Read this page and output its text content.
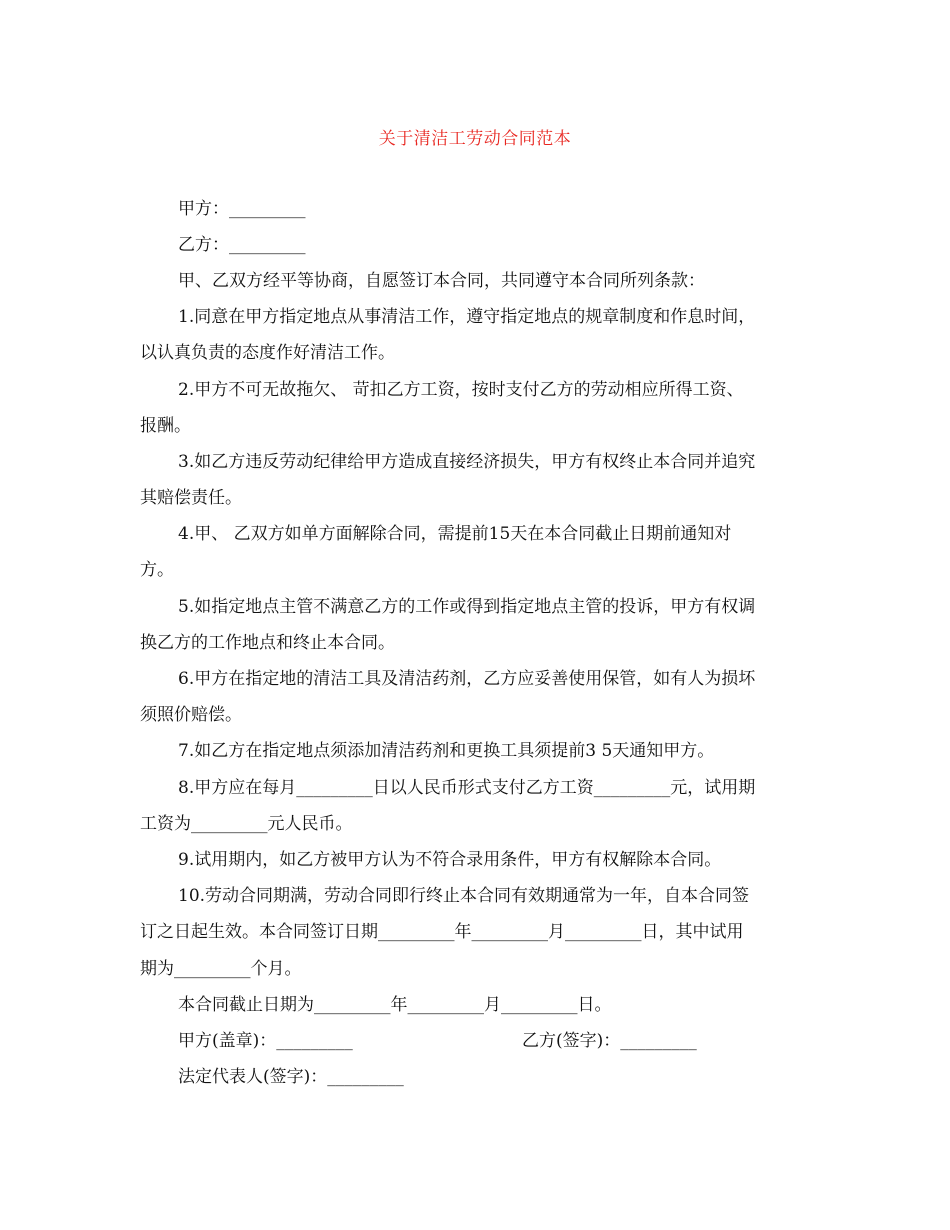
关于清洁工劳动合同范本
甲方：_________
乙方：_________
甲、乙双方经平等协商，自愿签订本合同，共同遵守本合同所列条款：
1.同意在甲方指定地点从事清洁工作，遵守指定地点的规章制度和作息时间，
以认真负责的态度作好清洁工作。
2.甲方不可无故拖欠、 苛扣乙方工资，按时支付乙方的劳动相应所得工资、
报酬。
3.如乙方违反劳动纪律给甲方造成直接经济损失，甲方有权终止本合同并追究
其赔偿责任。
4.甲、 乙双方如单方面解除合同，需提前15天在本合同截止日期前通知对
方。
5.如指定地点主管不满意乙方的工作或得到指定地点主管的投诉，甲方有权调
换乙方的工作地点和终止本合同。
6.甲方在指定地的清洁工具及清洁药剂，乙方应妥善使用保管，如有人为损坏
须照价赔偿。
7.如乙方在指定地点须添加清洁药剂和更换工具须提前3 5天通知甲方。
8.甲方应在每月_________日以人民币形式支付乙方工资_________元，试用期
工资为_________元人民币。
9.试用期内，如乙方被甲方认为不符合录用条件，甲方有权解除本合同。
10.劳动合同期满，劳动合同即行终止本合同有效期通常为一年，自本合同签
订之日起生效。本合同签订日期_________年_________月_________日，其中试用
期为_________个月。
本合同截止日期为_________年_________月_________日。
甲方(盖章)：_________	乙方(签字)：_________
法定代表人(签字)：_________
